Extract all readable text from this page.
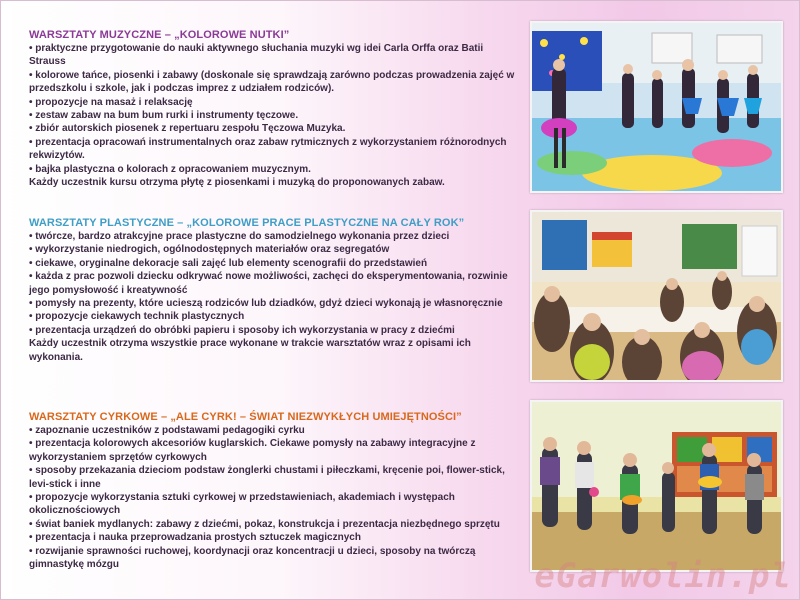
WARSZTATY MUZYCZNE – „KOLOROWE NUTKI”
• praktyczne przygotowanie do nauki aktywnego słuchania muzyki wg idei Carla Orffa oraz Batii Strauss
• kolorowe tańce, piosenki i zabawy (doskonale się sprawdzają zarówno podczas prowadzenia zajęć w przedszkolu i szkole, jak i podczas imprez z udziałem rodziców).
• propozycje na masaż i relaksację
• zestaw zabaw na bum bum rurki i instrumenty tęczowe.
• zbiór autorskich piosenek z repertuaru zespołu Tęczowa Muzyka.
• prezentacja opracowań instrumentalnych oraz zabaw rytmicznych z wykorzystaniem różnorodnych rekwizytów.
• bajka plastyczna o kolorach z opracowaniem muzycznym.
Każdy uczestnik kursu otrzyma płytę z piosenkami i muzyką do proponowanych zabaw.
WARSZTATY PLASTYCZNE – „KOLOROWE PRACE PLASTYCZNE NA CAŁY ROK”
• twórcze, bardzo atrakcyjne prace plastyczne do samodzielnego wykonania przez dzieci
• wykorzystanie niedrogich, ogólnodostępnych materiałów oraz segregatów
• ciekawe, oryginalne dekoracje sali zajęć lub elementy scenografii do przedstawień
• każda z prac pozwoli dziecku odkrywać nowe możliwości, zachęci do eksperymentowania, rozwinie jego pomysłowość i kreatywność
• pomysły na prezenty, które ucieszą rodziców lub dziadków, gdyż dzieci wykonają je własnoręcznie
• propozycje ciekawych technik plastycznych
• prezentacja urządzeń do obróbki papieru i sposoby ich wykorzystania w pracy z dziećmi
Każdy uczestnik otrzyma wszystkie prace wykonane w trakcie warsztatów wraz z opisami ich wykonania.
WARSZTATY CYRKOWE – „ALE CYRK! – ŚWIAT NIEZWYKŁYCH UMIEJĘTNOŚCI”
• zapoznanie uczestników z podstawami pedagogiki cyrku
• prezentacja kolorowych akcesoriów kuglarskich. Ciekawe pomysły na zabawy integracyjne z wykorzystaniem sprzętów cyrkowych
• sposoby przekazania dzieciom podstaw żonglerki chustami i piłeczkami, kręcenie poi, flower-stick, levi-stick i inne
• propozycje wykorzystania sztuki cyrkowej w przedstawieniach, akademiach i występach okolicznościowych
• świat baniek mydlanych: zabawy z dziećmi, pokaz, konstrukcja i prezentacja niezbędnego sprzętu
• prezentacja i nauka przeprowadzania prostych sztuczek magicznych
• rozwijanie sprawności ruchowej, koordynacji oraz koncentracji u dzieci, sposoby na twórczą gimnastykę mózgu	eGarwolin.pl
